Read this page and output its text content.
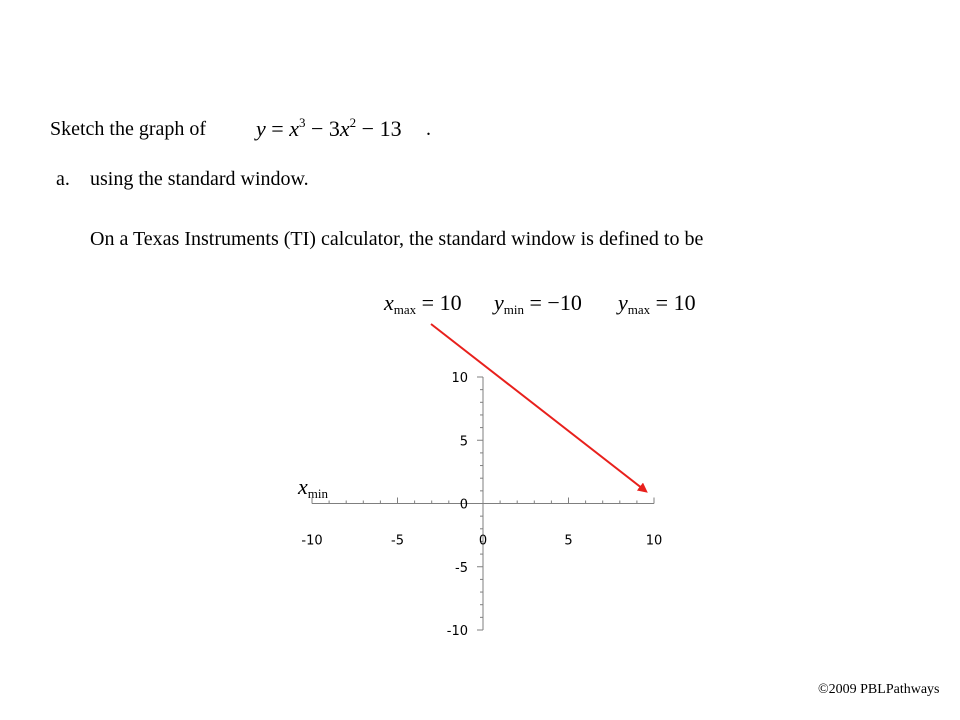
Sketch the graph of $y = x^3 - 3x^2 - 13$ .
a. using the standard window.
On a Texas Instruments (TI) calculator, the standard window is defined to be
xmax = 10 ymin = −10 ymax = 10
xmin
©2009 PBLPathways
-10	-5	0	5	10
10
5
0
-5
-10
